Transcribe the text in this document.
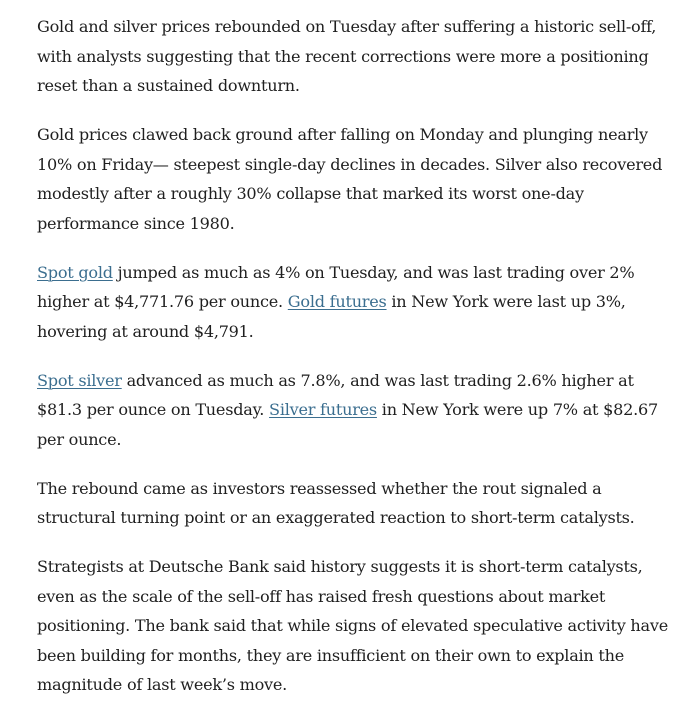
Gold and silver prices rebounded on Tuesday after suffering a historic sell-off, with analysts suggesting that the recent corrections were more a positioning reset than a sustained downturn.

Gold prices clawed back ground after falling on Monday and plunging nearly 10% on Friday— steepest single-day declines in decades. Silver also recovered modestly after a roughly 30% collapse that marked its worst one-day performance since 1980.

Spot gold jumped as much as 4% on Tuesday, and was last trading over 2% higher at $4,771.76 per ounce. Gold futures in New York were last up 3%, hovering at around $4,791.

Spot silver advanced as much as 7.8%, and was last trading 2.6% higher at $81.3 per ounce on Tuesday. Silver futures in New York were up 7% at $82.67 per ounce.

The rebound came as investors reassessed whether the rout signaled a structural turning point or an exaggerated reaction to short-term catalysts.

Strategists at Deutsche Bank said history suggests it is short-term catalysts, even as the scale of the sell-off has raised fresh questions about market positioning. The bank said that while signs of elevated speculative activity have been building for months, they are insufficient on their own to explain the magnitude of last week’s move.
